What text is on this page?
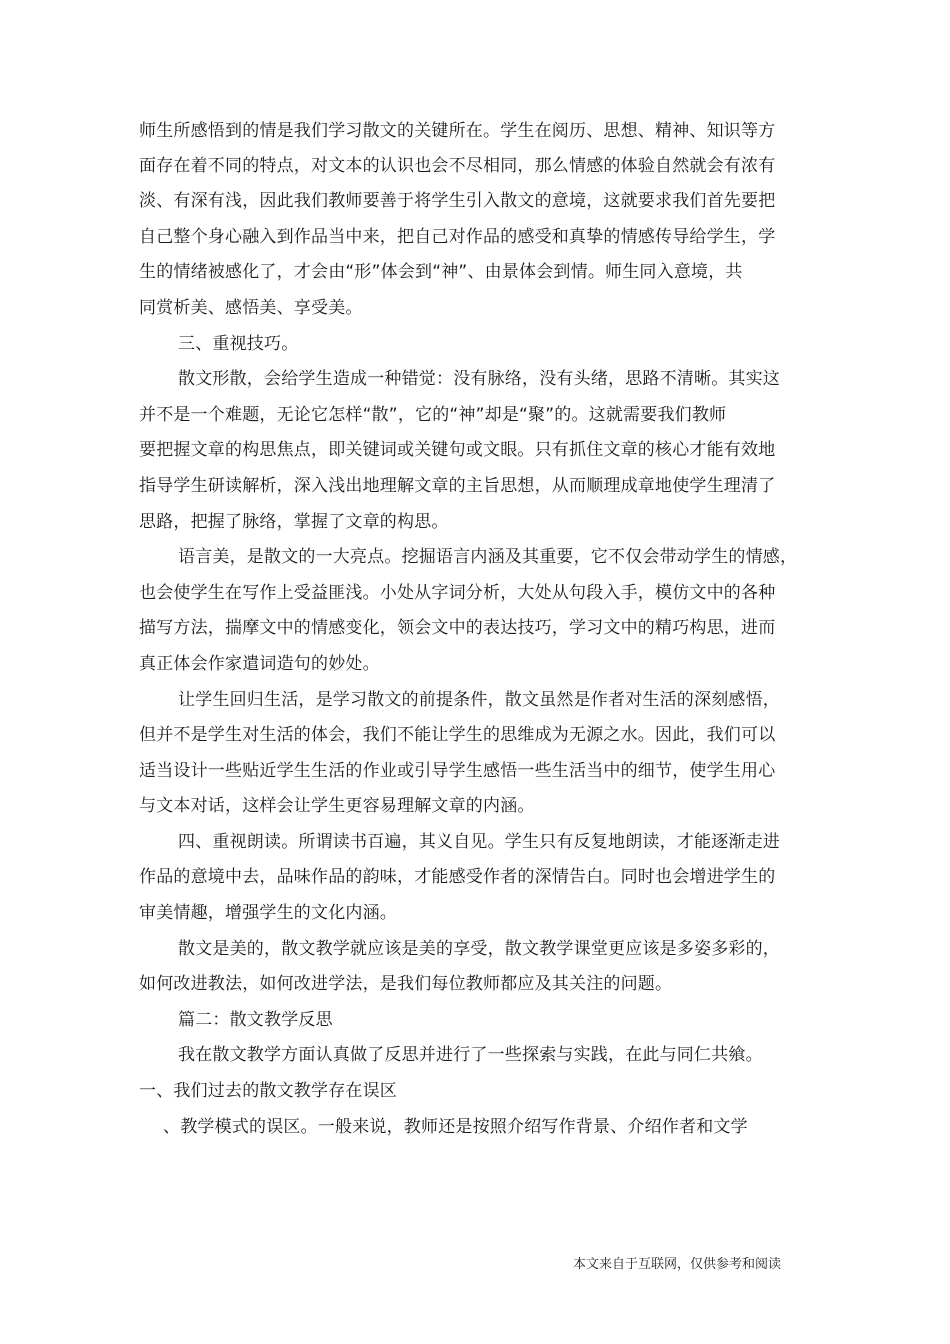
师生所感悟到的情是我们学习散文的关键所在。学生在阅历、思想、精神、知识等方
面存在着不同的特点，对文本的认识也会不尽相同，那么情感的体验自然就会有浓有
淡、有深有浅，因此我们教师要善于将学生引入散文的意境，这就要求我们首先要把
自己整个身心融入到作品当中来，把自己对作品的感受和真挚的情感传导给学生，学
生的情绪被感化了，才会由“形”体会到“神”、由景体会到情。师生同入意境，共
同赏析美、感悟美、享受美。
三、重视技巧。
散文形散，会给学生造成一种错觉：没有脉络，没有头绪，思路不清晰。其实这
并不是一个难题，无论它怎样“散”，它的“神”却是“聚”的。这就需要我们教师
要把握文章的构思焦点，即关键词或关键句或文眼。只有抓住文章的核心才能有效地
指导学生研读解析，深入浅出地理解文章的主旨思想，从而顺理成章地使学生理清了
思路，把握了脉络，掌握了文章的构思。
语言美，是散文的一大亮点。挖掘语言内涵及其重要，它不仅会带动学生的情感，
也会使学生在写作上受益匪浅。小处从字词分析，大处从句段入手，模仿文中的各种
描写方法，揣摩文中的情感变化，领会文中的表达技巧，学习文中的精巧构思，进而
真正体会作家遣词造句的妙处。
让学生回归生活，是学习散文的前提条件，散文虽然是作者对生活的深刻感悟，
但并不是学生对生活的体会，我们不能让学生的思维成为无源之水。因此，我们可以
适当设计一些贴近学生生活的作业或引导学生感悟一些生活当中的细节，使学生用心
与文本对话，这样会让学生更容易理解文章的内涵。
四、重视朗读。所谓读书百遍，其义自见。学生只有反复地朗读，才能逐渐走进
作品的意境中去，品味作品的韵味，才能感受作者的深情告白。同时也会增进学生的
审美情趣，增强学生的文化内涵。
散文是美的，散文教学就应该是美的享受，散文教学课堂更应该是多姿多彩的，
如何改进教法，如何改进学法，是我们每位教师都应及其关注的问题。
篇二：散文教学反思
我在散文教学方面认真做了反思并进行了一些探索与实践，在此与同仁共飨。
一、我们过去的散文教学存在误区
、教学模式的误区。一般来说，教师还是按照介绍写作背景、介绍作者和文学
本文来自于互联网，仅供参考和阅读
